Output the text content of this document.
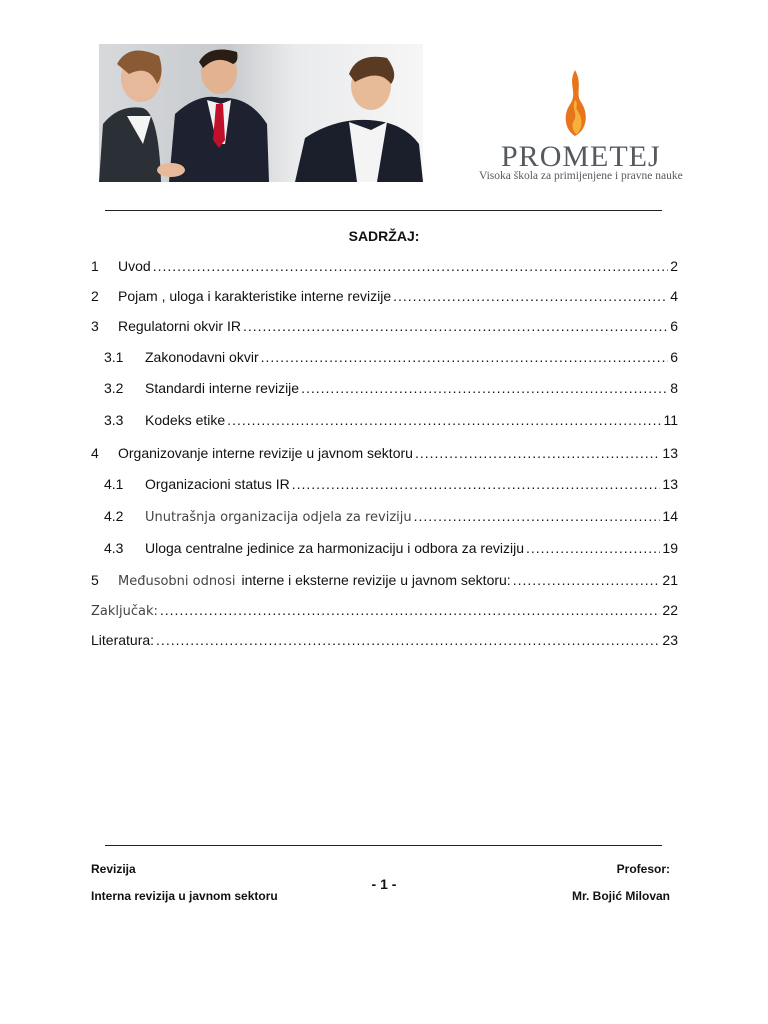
PROMETEJ
Visoka škola za primijenjene i pravne nauke
SADRŽAJ:
1	Uvod .....	2
2	Pojam , uloga i karakteristike interne revizije .....	4
3	Regulatorni okvir IR .....	6
3.1	Zakonodavni okvir .....	6
3.2	Standardi interne revizije .....	8
3.3	Kodeks etike .....	11
4	Organizovanje interne revizije u javnom sektoru .....	13
4.1	Organizacioni status IR .....	13
4.2	Unutrašnja organizacija odjela za reviziju .....	14
4.3	Uloga centralne jedinice za harmonizaciju i odbora za reviziju .....	19
5	Međusobni odnosi interne i eksterne revizije u javnom sektoru: .....	21
Zaključak: .....	22
Literatura: .....	23
Revizija
Interna revizija u javnom sektoru
- 1 -
Profesor:
Mr. Bojić Milovan
